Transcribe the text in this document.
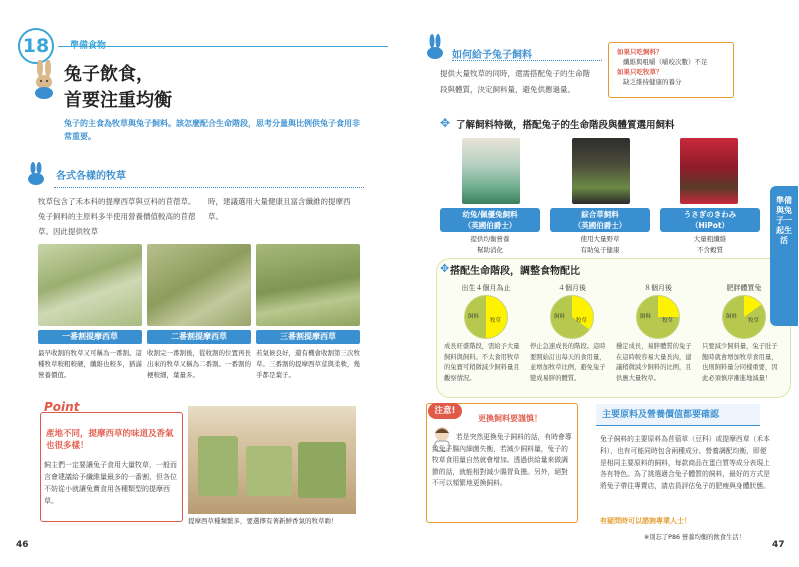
18	準備食物
兔子飲食，
首要注重均衡
兔子的主食為牧草與兔子飼料。該怎麼配合生命階段，思考分量與比例供兔子食用非常重要。
各式各樣的牧草
牧草包含了禾本科的提摩西草與豆科的苜蓿草。兔子飼料的主原料多半使用營養價值較高的苜蓿草。因此提供牧草
時，建議選用大量健康且富含纖維的提摩西草。
一番割提摩西草	二番割提摩西草	三番割提摩西草
最早收割的牧草又可稱為一番割。這種牧草較粗較硬，纖維也較多，猶滿營養價值。
收割完一番割後，從收割的位置再長出來的牧草又稱為二番割。一番割的梗較細，葉量多。
若氣候良好，還有機會收割第三次牧草。三番割的提摩西草莖與柔軟，幾乎都是葉子。
Point
產地不同，提摩西草的味道及香氣也很多樣！
飼主們一定要讓兔子食用大量牧草，一般而言會建議給予纖維量最多的一番割，但各位不妨從小就讓兔寶食用各種類型的提摩西草。
提摩西草種類繁多，要選擇有著新鮮香氣的牧草喲！
46
如何給予兔子飼料
提供大量牧草的同時，還需搭配兔子的生命階段與體質，決定飼料量，避免供應過量。
如果只吃飼料？
纖維與咀嚼（嚼咬次數）不足
如果只吃牧草？
缺乏維持健康的養分
✥ 了解飼料特徵，搭配兔子的生命階段與體質選用飼料
幼兔/佩優兔飼料
（英國伯爵士）
綜合草飼料
（英國伯爵士）
うさぎのきわみ
（HiPot）
提供均衡營養
幫助消化
使用大量野草
有助兔子健康
大量粗纖維
不含穀質
✥ 搭配生命階段，調整食物配比
出生４個月為止
飼料
牧草
成長旺盛階段，需給予大量飼料與飼料。不太食用牧草的兔寶可稍微減少飼料量且觀察情況。
４個月後
飼料
牧草
停止急速成長的階段。這時要開始訂出每天的食用量，並增加牧草比例，避免兔子變成易胖的體質。
８個月後
飼料
牧草
穩定成長，易胖體質的兔子在這時較容易大量長肉，建議稍微減少飼料的比例，且供應大量牧草。
肥胖體質兔
飼料
牧草
只要減少飼料量，兔子肚子飽時就會增加牧草食用量，也則飼料量分同樣重要，因此必須慎序漸進地減量！
注意!
更換飼料要謹慎！
若是突然更換兔子飼料的話，有時會導致兔子腸內細菌失衡，若減少飼料量，兔子的牧草食用量自然就會增加。透過供給量來做調節的話，就能相對減少腸胃負擔。另外，絕對不可以頻繁地更換飼料。
主要原料及營養價值都要確認
兔子飼料的主要原料為苜蓿草（豆科）或提摩西草（禾本科），也有可能同時包含兩種成分。營養調配均衡，即便是相同主要原料的飼料，每款商品在蛋白質等成分表現上各有特色。為了挑選適合兔子體質的飼料，最好的方式是將兔子帶往專賣店，請店員評估兔子的肥瘦與身體狀態。
有疑問時可以諮詢專業人士！
※別忘了P86 營養均衡的飲食生活！
準備與兔子一起生活
47
